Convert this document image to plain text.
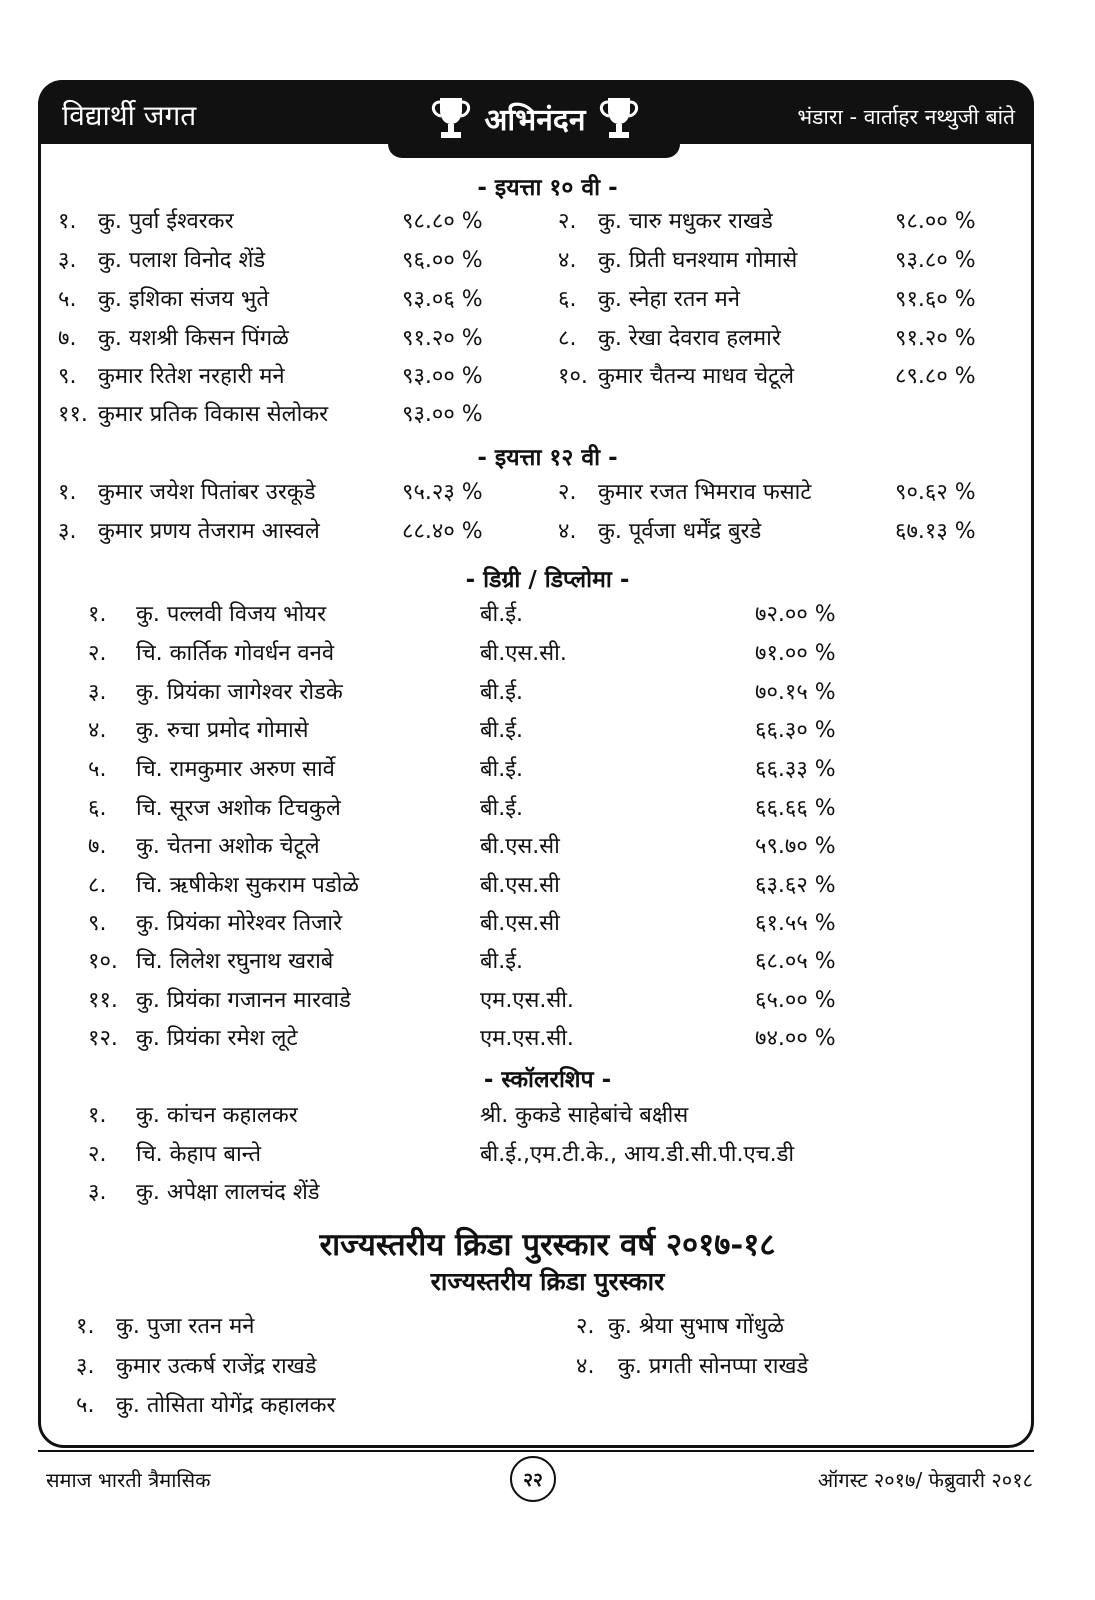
विद्यार्थी जगत	अभिनंदन	भंडारा - वार्ताहर नथ्थुजी बांते
- इयत्ता १० वी -
१. कु. पुर्वा ईश्वरकर	९८.८० %	२. कु. चारु मधुकर राखडे	९८.०० %
३. कु. पलाश विनोद शेंडे	९६.०० %	४. कु. प्रिती घनश्याम गोमासे	९३.८० %
५. कु. इशिका संजय भुते	९३.०६ %	६. कु. स्नेहा रतन मने	९१.६० %
७. कु. यशश्री किसन पिंगळे	९१.२० %	८. कु. रेखा देवराव हलमारे	९१.२० %
९. कुमार रितेश नरहारी मने	९३.०० %	१०. कुमार चैतन्य माधव चेटूले	८९.८० %
११. कुमार प्रतिक विकास सेलोकर	९३.०० %
- इयत्ता १२ वी -
१. कुमार जयेश पितांबर उरकूडे	९५.२३ %	२. कुमार रजत भिमराव फसाटे	९०.६२ %
३. कुमार प्रणय तेजराम आस्वले	८८.४० %	४. कु. पूर्वजा धर्मेंद्र बुरडे	६७.१३ %
- डिग्री / डिप्लोमा -
१. कु. पल्लवी विजय भोयर	बी.ई.	७२.०० %
२. चि. कार्तिक गोवर्धन वनवे	बी.एस.सी.	७१.०० %
३. कु. प्रियंका जागेश्वर रोडके	बी.ई.	७०.१५ %
४. कु. रुचा प्रमोद गोमासे	बी.ई.	६६.३० %
५. चि. रामकुमार अरुण सार्वे	बी.ई.	६६.३३ %
६. चि. सूरज अशोक टिचकुले	बी.ई.	६६.६६ %
७. कु. चेतना अशोक चेटूले	बी.एस.सी	५९.७० %
८. चि. ऋषीकेश सुकराम पडोळे	बी.एस.सी	६३.६२ %
९. कु. प्रियंका मोरेश्वर तिजारे	बी.एस.सी	६१.५५ %
१०. चि. लिलेश रघुनाथ खराबे	बी.ई.	६८.०५ %
११. कु. प्रियंका गजानन मारवाडे	एम.एस.सी.	६५.०० %
१२. कु. प्रियंका रमेश लूटे	एम.एस.सी.	७४.०० %
- स्कॉलरशिप -
१. कु. कांचन कहालकर	श्री. कुकडे साहेबांचे बक्षीस
२. चि. केहाप बान्ते	बी.ई.,एम.टी.के., आय.डी.सी.पी.एच.डी
३. कु. अपेक्षा लालचंद शेंडे
राज्यस्तरीय क्रिडा पुरस्कार वर्ष २०१७-१८
राज्यस्तरीय क्रिडा पुरस्कार
१. कु. पुजा रतन मने	२. कु. श्रेया सुभाष गोंधुळे
३. कुमार उत्कर्ष राजेंद्र राखडे	४. कु. प्रगती सोनप्पा राखडे
५. कु. तोसिता योगेंद्र कहालकर
समाज भारती त्रैमासिक	२२	ऑगस्ट २०१७/ फेब्रुवारी २०१८
